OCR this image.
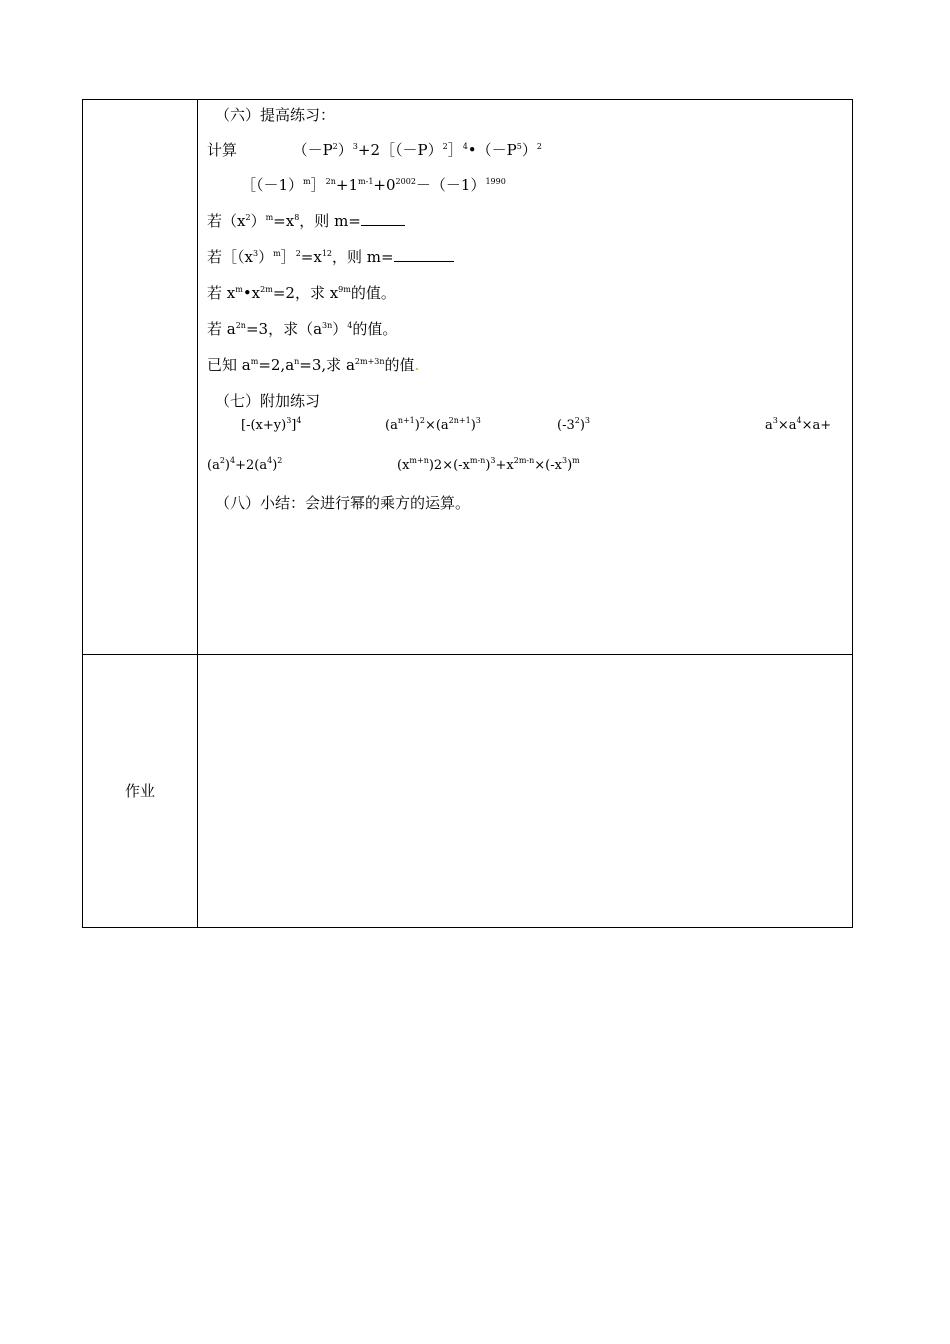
（六）提高练习：
计算	$(-P^2)^3+2[(-P)^2]^4•(-P^5)^2$
$[(-1)^m]^{2n}+1^{m-1}+0^{2002}-(-1)^{1990}$
若$(x^2)^m=x^8$，则 m=
若$[(x^3)^m]^2=x^{12}$，则 m=
若 $x^m•x^{2m}=2$，求 $x^{9m}$的值。
若 $a^{2n}=3$，求$(a^{3n})^4$的值。
已知 $a^m=2,a^n=3$,求 $a^{2m+3n}$的值.
（七）附加练习
$[-(x+y)^3]^4$	$(a^{n+1})^2\times(a^{2n+1})^3$	$(-3^2)^3$	$a^3\times a^4\times a+$
$(a^2)^4+2(a^4)^2$	$(x^{m+n})2\times(-x^{m-n})^3+x^{2m-n}\times(-x^3)^m$
（八）小结：会进行幂的乘方的运算。
作业
